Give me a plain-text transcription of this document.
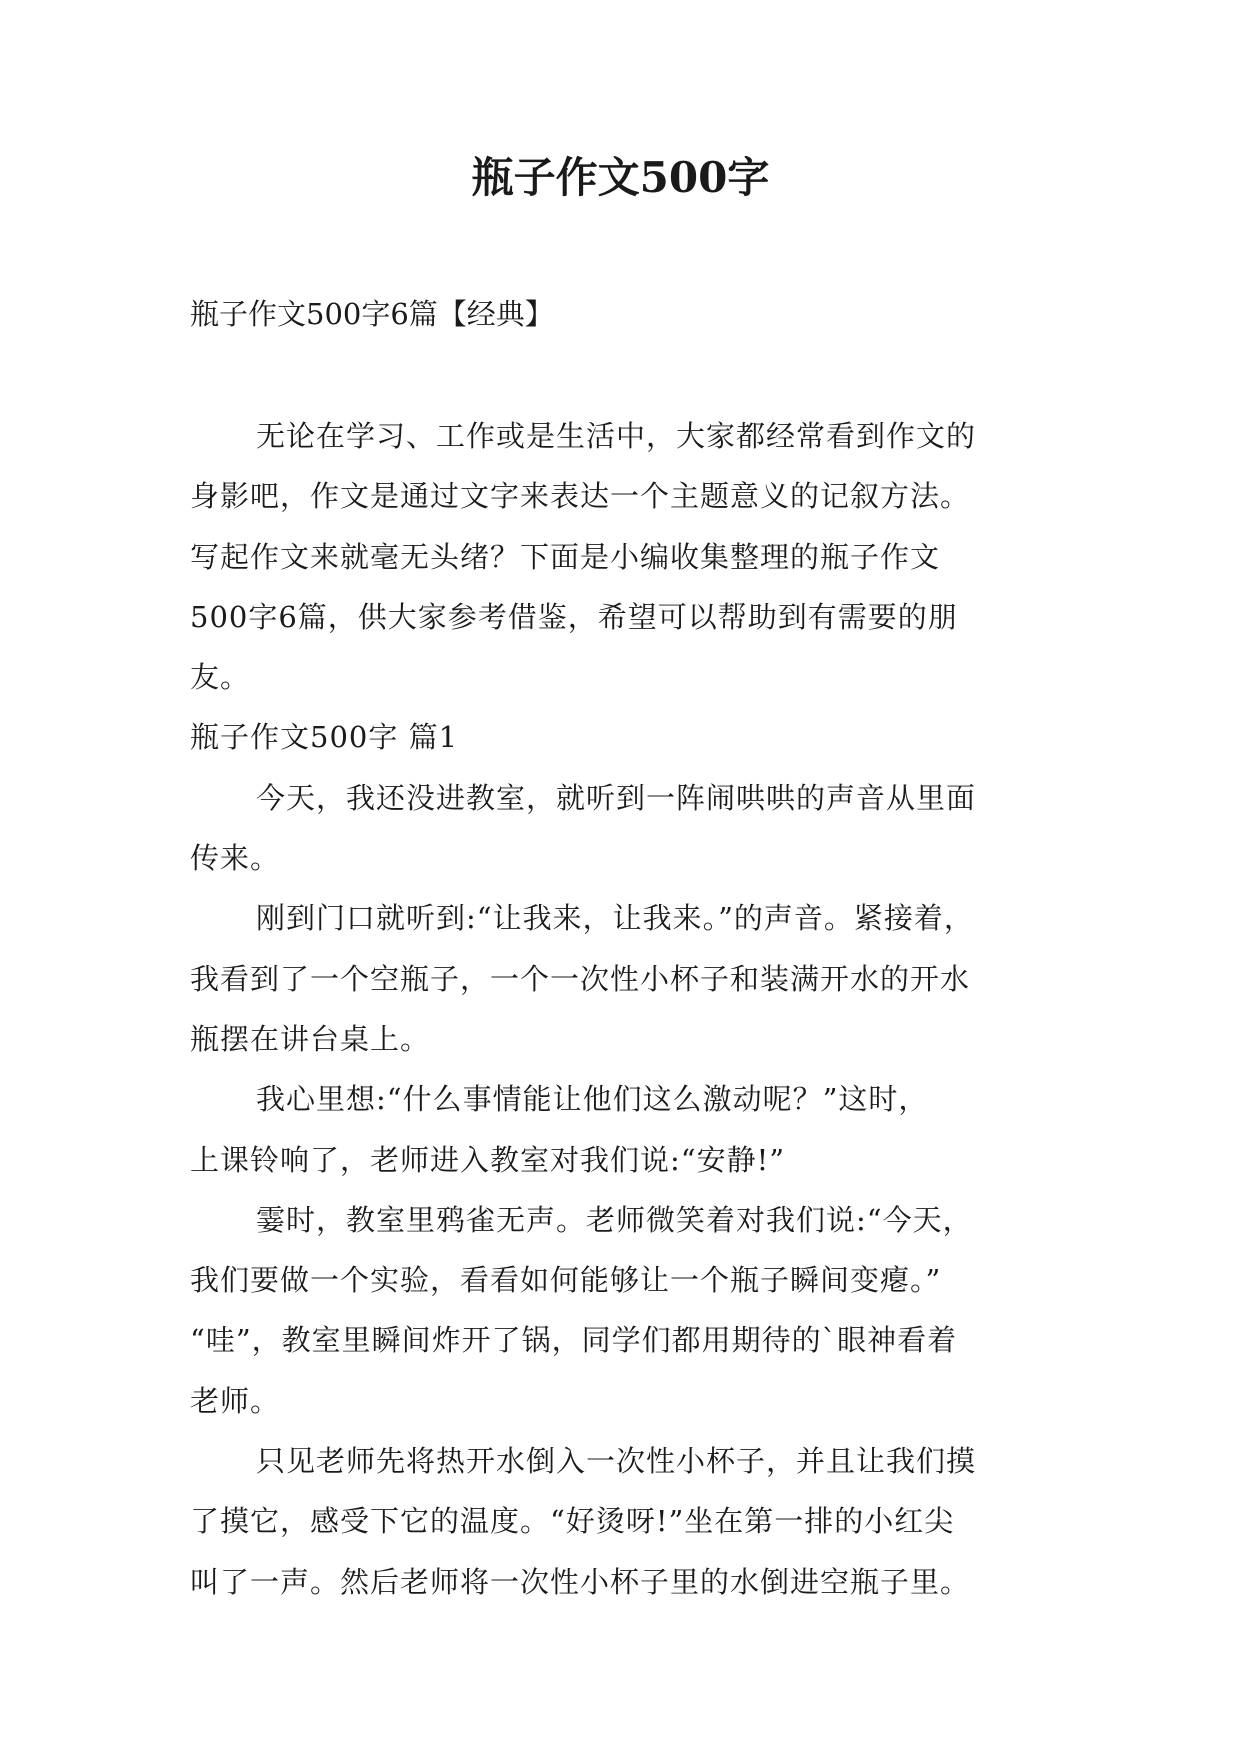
瓶子作文500字

瓶子作文500字6篇【经典】

无论在学习、工作或是生活中，大家都经常看到作文的
身影吧，作文是通过文字来表达一个主题意义的记叙方法。
写起作文来就毫无头绪？下面是小编收集整理的瓶子作文
500字6篇，供大家参考借鉴，希望可以帮助到有需要的朋
友。
瓶子作文500字 篇1
今天，我还没进教室，就听到一阵闹哄哄的声音从里面
传来。
刚到门口就听到:“让我来，让我来。”的声音。紧接着，
我看到了一个空瓶子，一个一次性小杯子和装满开水的开水
瓶摆在讲台桌上。
我心里想:“什么事情能让他们这么激动呢？”这时，
上课铃响了，老师进入教室对我们说:“安静!”
霎时，教室里鸦雀无声。老师微笑着对我们说:“今天，
我们要做一个实验，看看如何能够让一个瓶子瞬间变瘪。”
“哇”，教室里瞬间炸开了锅，同学们都用期待的`眼神看着
老师。
只见老师先将热开水倒入一次性小杯子，并且让我们摸
了摸它，感受下它的温度。“好烫呀!”坐在第一排的小红尖
叫了一声。然后老师将一次性小杯子里的水倒进空瓶子里。
